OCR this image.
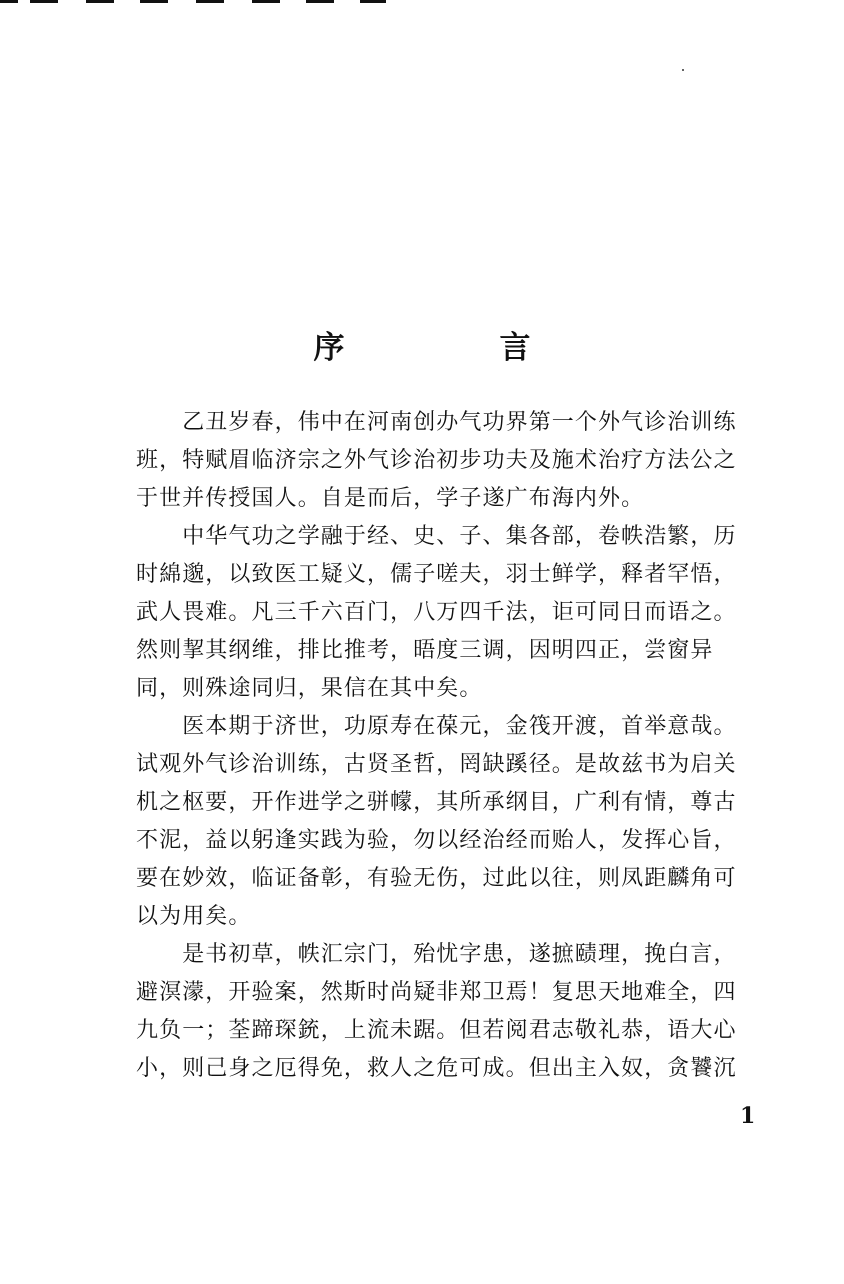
序　言
　　乙丑岁春，伟中在河南创办气功界第一个外气诊治训练
班，特赋眉临济宗之外气诊治初步功夫及施术治疗方法公之
于世并传授国人。自是而后，学子遂广布海内外。
　　中华气功之学融于经、史、子、集各部，卷帙浩繁，历
时綿邈，以致医工疑义，儒子嗟夫，羽士鲜学，释者罕悟，
武人畏难。凡三千六百门，八万四千法，讵可同日而语之。
然则挈其纲维，排比推考，晤度三调，因明四正，尝窗异
同，则殊途同归，果信在其中矣。
　　医本期于济世，功原寿在葆元，金筏开渡，首举意哉。
试观外气诊治训练，古贤圣哲，罔缺蹊径。是故兹书为启关
机之枢要，开作进学之骈幪，其所承纲目，广利有情，尊古
不泥，益以躬逢实践为验，勿以经治经而贻人，发挥心旨，
要在妙效，临证备彰，有验无伤，过此以往，则凤距麟角可
以为用矣。
　　是书初草，帙汇宗门，殆忧字患，遂摭赜理，挽白言，
避溟濛，开验案，然斯时尚疑非郑卫焉！复思天地难全，四
九负一；荃蹄琛銃，上流未踞。但若阅君志敬礼恭，语大心
小，则己身之厄得免，救人之危可成。但出主入奴，贪饕沉
1
